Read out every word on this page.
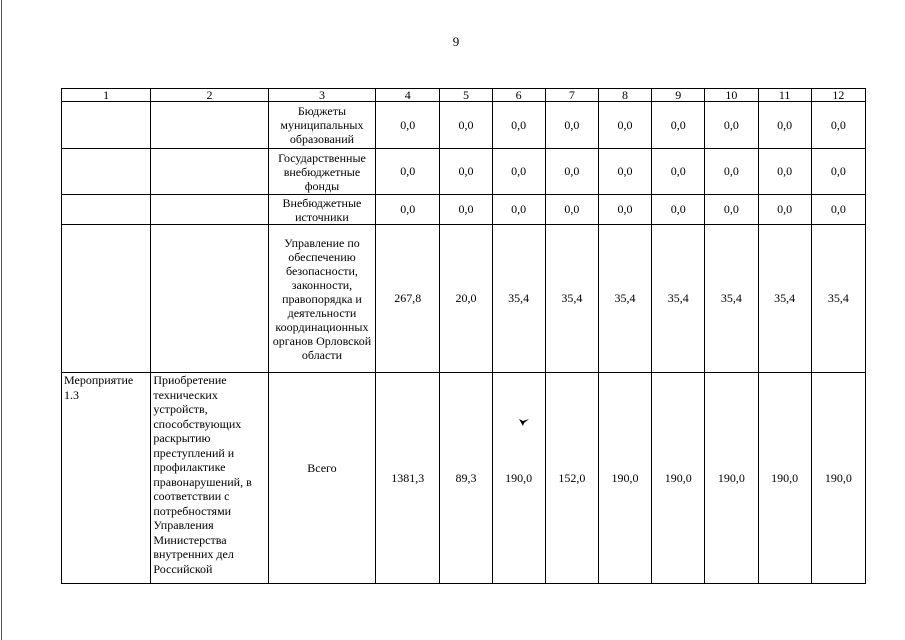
9
1	2	3	4	5	6	7	8	9	10	11	12
		Бюджеты муниципальных образований	0,0	0,0	0,0	0,0	0,0	0,0	0,0	0,0	0,0
		Государственные внебюджетные фонды	0,0	0,0	0,0	0,0	0,0	0,0	0,0	0,0	0,0
		Внебюджетные источники	0,0	0,0	0,0	0,0	0,0	0,0	0,0	0,0	0,0
		Управление по обеспечению безопасности, законности, правопорядка и деятельности координационных органов Орловской области	267,8	20,0	35,4	35,4	35,4	35,4	35,4	35,4	35,4
Мероприятие 1.3	Приобретение технических устройств, способствующих раскрытию преступлений и профилактике правонарушений, в соответствии с потребностями Управления Министерства внутренних дел Российской	Всего	1381,3	89,3	190,0	152,0	190,0	190,0	190,0	190,0	190,0
